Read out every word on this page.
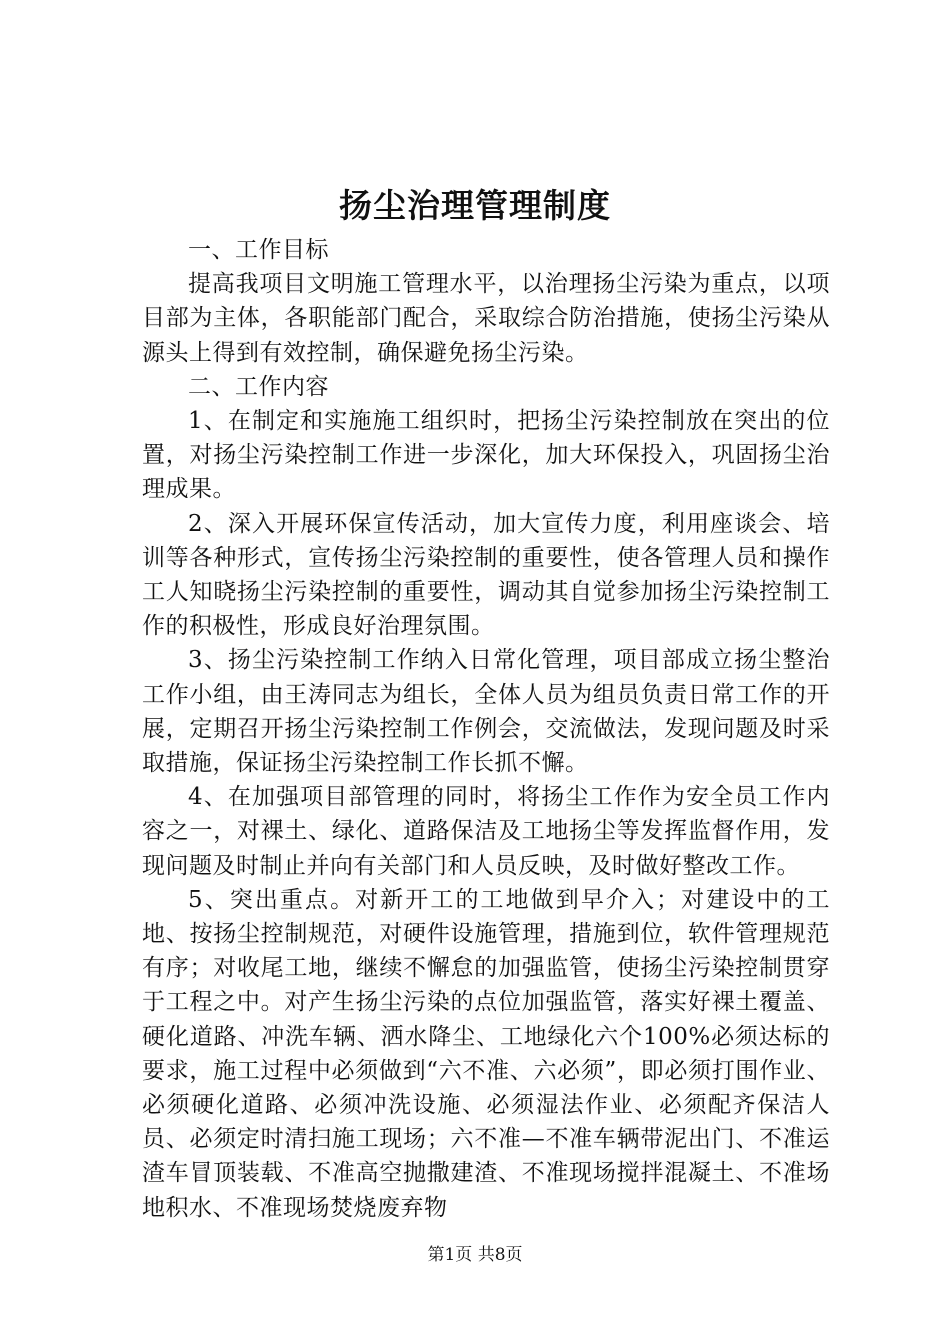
扬尘治理管理制度

一、工作目标

提高我项目文明施工管理水平，以治理扬尘污染为重点，以项目部为主体，各职能部门配合，采取综合防治措施，使扬尘污染从源头上得到有效控制，确保避免扬尘污染。

二、工作内容

1、在制定和实施施工组织时，把扬尘污染控制放在突出的位置，对扬尘污染控制工作进一步深化，加大环保投入，巩固扬尘治理成果。

2、深入开展环保宣传活动，加大宣传力度，利用座谈会、培训等各种形式，宣传扬尘污染控制的重要性，使各管理人员和操作工人知晓扬尘污染控制的重要性，调动其自觉参加扬尘污染控制工作的积极性，形成良好治理氛围。

3、扬尘污染控制工作纳入日常化管理，项目部成立扬尘整治工作小组，由王涛同志为组长，全体人员为组员负责日常工作的开展，定期召开扬尘污染控制工作例会，交流做法，发现问题及时采取措施，保证扬尘污染控制工作长抓不懈。

4、在加强项目部管理的同时，将扬尘工作作为安全员工作内容之一，对裸土、绿化、道路保洁及工地扬尘等发挥监督作用，发现问题及时制止并向有关部门和人员反映，及时做好整改工作。

5、突出重点。对新开工的工地做到早介入；对建设中的工地、按扬尘控制规范，对硬件设施管理，措施到位，软件管理规范有序；对收尾工地，继续不懈怠的加强监管，使扬尘污染控制贯穿于工程之中。对产生扬尘污染的点位加强监管，落实好裸土覆盖、硬化道路、冲洗车辆、洒水降尘、工地绿化六个100%必须达标的要求，施工过程中必须做到“六不准、六必须”，即必须打围作业、必须硬化道路、必须冲洗设施、必须湿法作业、必须配齐保洁人员、必须定时清扫施工现场；六不准—不准车辆带泥出门、不准运渣车冒顶装载、不准高空抛撒建渣、不准现场搅拌混凝土、不准场地积水、不准现场焚烧废弃物

第1页 共8页
